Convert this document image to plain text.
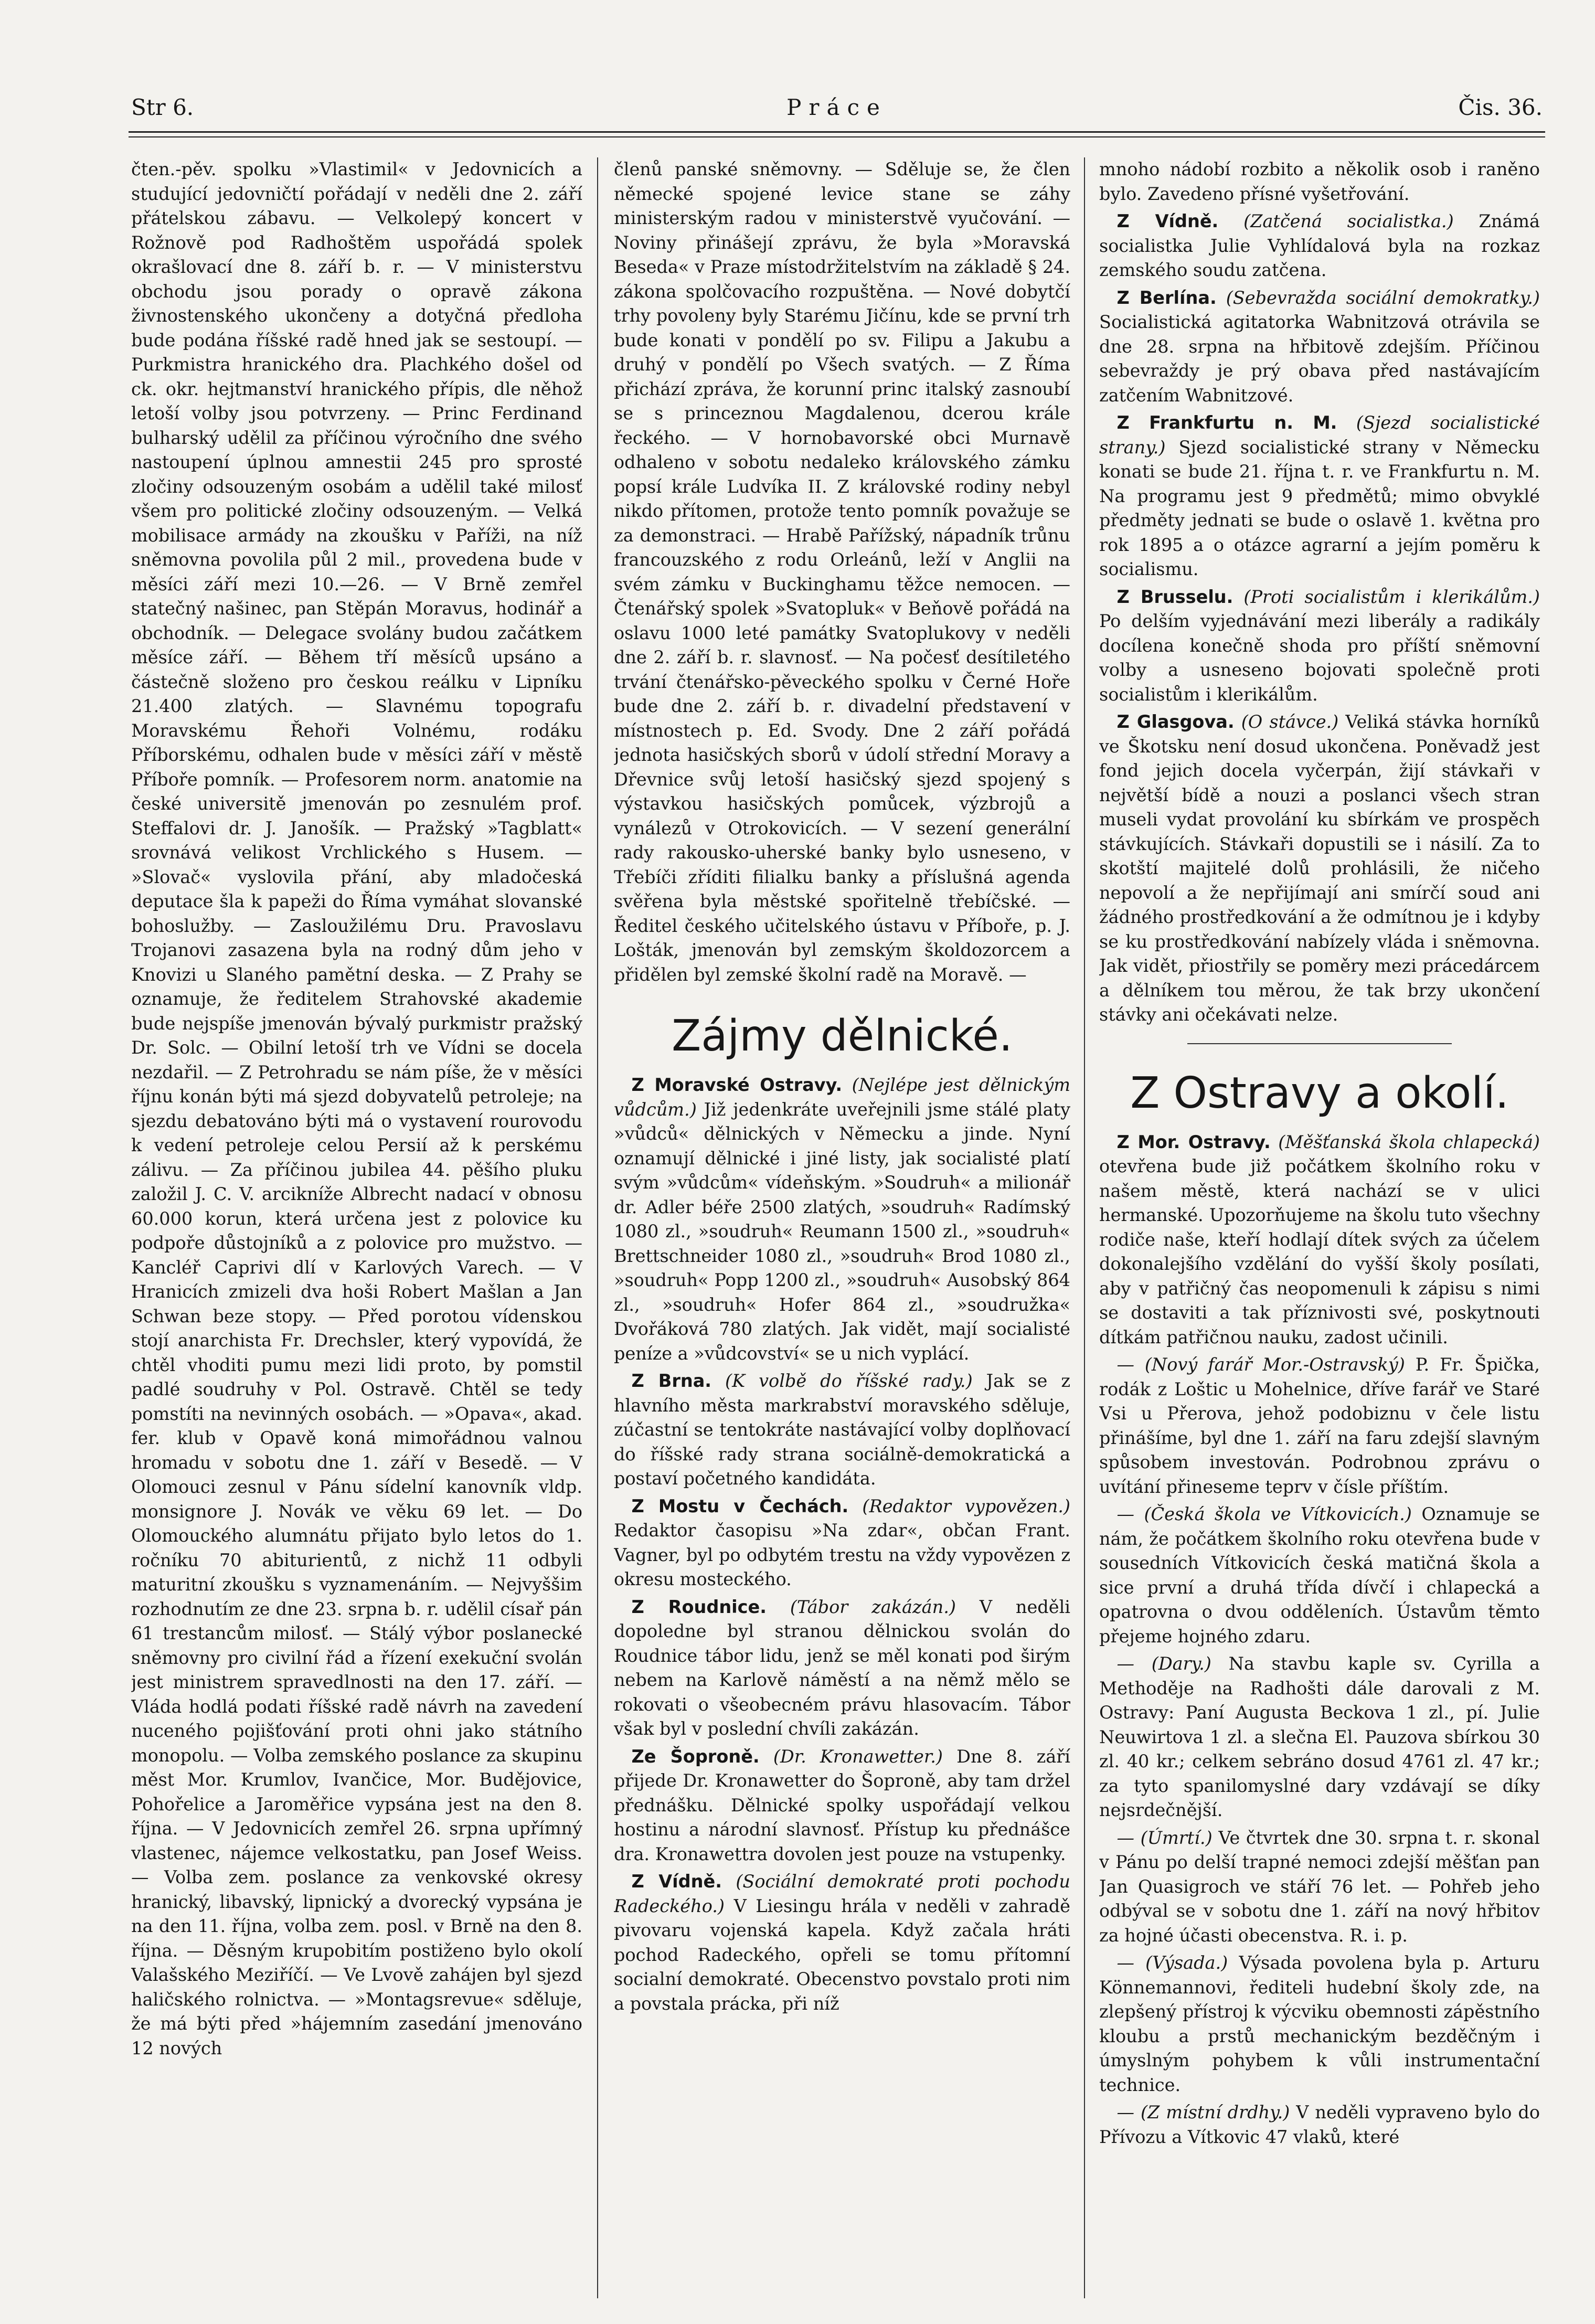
Str 6.	Práce	Čis. 36.

čten.-pěv. spolku »Vlastimil« v Jedovnicích a studující jedovničtí pořádají v neděli dne 2. září přátelskou zábavu. — Velkolepý koncert v Rožnově pod Radhoštěm uspořádá spolek okrašlovací dne 8. září b. r. — V ministerstvu obchodu jsou porady o opravě zákona živnostenského ukončeny a dotyčná předloha bude podána říšské radě hned jak se sestoupí. — Purkmistra hranického dra. Plachkého došel od ck. okr. hejtmanství hranického přípis, dle něhož letoší volby jsou potvrzeny. — Princ Ferdinand bulharský udělil za příčinou výročního dne svého nastoupení úplnou amnestii 245 pro sprosté zločiny odsouzeným osobám a udělil také milosť všem pro politické zločiny odsouzeným. — Velká mobilisace armády na zkoušku v Paříži, na níž sněmovna povolila půl 2 mil., provedena bude v měsíci září mezi 10.—26. — V Brně zemřel statečný našinec, pan Stěpán Moravus, hodinář a obchodník. — Delegace svolány budou začátkem měsíce září. — Během tří měsíců upsáno a částečně složeno pro českou reálku v Lipníku 21.400 zlatých. — Slavnému topografu Moravskému Řehoři Volnému, rodáku Příborskému, odhalen bude v měsíci září v městě Příboře pomník. — Profesorem norm. anatomie na české universitě jmenován po zesnulém prof. Steffalovi dr. J. Janošík. — Pražský »Tagblatt« srovnává velikost Vrchlického s Husem. — »Slovač« vyslovila přání, aby mladočeská deputace šla k papeži do Říma vymáhat slovanské bohoslužby. — Zasloužilému Dru. Pravoslavu Trojanovi zasazena byla na rodný dům jeho v Knovizi u Slaného pamětní deska. — Z Prahy se oznamuje, že ředitelem Strahovské akademie bude nejspíše jmenován bývalý purkmistr pražský Dr. Solc. — Obilní letoší trh ve Vídni se docela nezdařil. — Z Petrohradu se nám píše, že v měsíci říjnu konán býti má sjezd dobyvatelů petroleje; na sjezdu debatováno býti má o vystavení rourovodu k vedení petroleje celou Persií až k perskému zálivu. — Za příčinou jubilea 44. pěšího pluku založil J. C. V. arcikníže Albrecht nadací v obnosu 60.000 korun, která určena jest z polovice ku podpoře důstojníků a z polovice pro mužstvo. — Kancléř Caprivi dlí v Karlových Varech. — V Hranicích zmizeli dva hoši Robert Mašlan a Jan Schwan beze stopy. — Před porotou vídenskou stojí anarchista Fr. Drechsler, který vypovídá, že chtěl vhoditi pumu mezi lidi proto, by pomstil padlé soudruhy v Pol. Ostravě. Chtěl se tedy pomstíti na nevinných osobách. — »Opava«, akad. fer. klub v Opavě koná mimořádnou valnou hromadu v sobotu dne 1. září v Besedě. — V Olomouci zesnul v Pánu sídelní kanovník vldp. monsignore J. Novák ve věku 69 let. — Do Olomouckého alumnátu přijato bylo letos do 1. ročníku 70 abiturientů, z nichž 11 odbyli maturitní zkoušku s vyznamenáním. — Nejvyššim rozhodnutím ze dne 23. srpna b. r. udělil císař pán 61 trestancům milosť. — Stálý výbor poslanecké sněmovny pro civilní řád a řízení exekuční svolán jest ministrem spravedlnosti na den 17. září. — Vláda hodlá podati říšské radě návrh na zavedení nuceného pojišťování proti ohni jako státního monopolu. — Volba zemského poslance za skupinu měst Mor. Krumlov, Ivančice, Mor. Budějovice, Pohořelice a Jaroměřice vypsána jest na den 8. října. — V Jedovnicích zemřel 26. srpna upřímný vlastenec, nájemce velkostatku, pan Josef Weiss. — Volba zem. poslance za venkovské okresy hranický, libavský, lipnický a dvorecký vypsána je na den 11. října, volba zem. posl. v Brně na den 8. října. — Děsným krupobitím postiženo bylo okolí Valašského Meziříčí. — Ve Lvově zahájen byl sjezd haličského rolnictva. — »Montagsrevue« sděluje, že má býti před »hájemním zasedání jmenováno 12 nových

členů panské sněmovny. — Sděluje se, že člen německé spojené levice stane se záhy ministerským radou v ministerstvě vyučování. — Noviny přinášejí zprávu, že byla »Moravská Beseda« v Praze místodržitelstvím na základě § 24. zákona spolčovacího rozpuštěna. — Nové dobytčí trhy povoleny byly Starému Jičínu, kde se první trh bude konati v pondělí po sv. Filipu a Jakubu a druhý v pondělí po Všech svatých. — Z Říma přichází zpráva, že korunní princ italský zasnoubí se s princeznou Magdalenou, dcerou krále řeckého. — V hornobavorské obci Murnavě odhaleno v sobotu nedaleko královského zámku popsí krále Ludvíka II. Z královské rodiny nebyl nikdo přítomen, protože tento pomník považuje se za demonstraci. — Hrabě Pařížský, nápadník trůnu francouzského z rodu Orleánů, leží v Anglii na svém zámku v Buckinghamu těžce nemocen. — Čtenářský spolek »Svatopluk« v Beňově pořádá na oslavu 1000 leté památky Svatoplukovy v neděli dne 2. září b. r. slavnosť. — Na počesť desítiletého trvání čtenářsko-pěveckého spolku v Černé Hoře bude dne 2. září b. r. divadelní představení v místnostech p. Ed. Svody. Dne 2 září pořádá jednota hasičských sborů v údolí střední Moravy a Dřevnice svůj letoší hasičský sjezd spojený s výstavkou hasičských pomůcek, výzbrojů a vynálezů v Otrokovicích. — V sezení generální rady rakousko-uherské banky bylo usneseno, v Třebíči zříditi filialku banky a příslušná agenda svěřena byla městské spořitelně třebíčské. — Ředitel českého učitelského ústavu v Příboře, p. J. Lošták, jmenován byl zemským školdozorcem a přidělen byl zemské školní radě na Moravě. —

Zájmy dělnické.

 Z Moravské Ostravy. (Nejlépe jest dělnickým vůdcům.) Již jedenkráte uveřejnili jsme stálé platy »vůdců« dělnických v Německu a jinde. Nyní oznamují dělnické i jiné listy, jak socialisté platí svým »vůdcům« vídeňským. »Soudruh« a milionář dr. Adler béře 2500 zlatých, »soudruh« Radímský 1080 zl., »soudruh« Reumann 1500 zl., »soudruh« Brettschneider 1080 zl., »soudruh« Brod 1080 zl., »soudruh« Popp 1200 zl., »soudruh« Ausobský 864 zl., »soudruh« Hofer 864 zl., »soudružka« Dvořáková 780 zlatých. Jak vidět, mají socialisté peníze a »vůdcovství« se u nich vyplácí.

 Z Brna. (K volbě do říšské rady.) Jak se z hlavního města markrabství moravského sděluje, zúčastní se tentokráte nastávající volby doplňovací do říšské rady strana sociálně-demokratická a postaví početného kandidáta.

 Z Mostu v Čechách. (Redaktor vypovězen.) Redaktor časopisu »Na zdar«, občan Frant. Vagner, byl po odbytém trestu na vždy vypovězen z okresu mosteckého.

 Z Roudnice. (Tábor zakázán.) V neděli dopoledne byl stranou dělnickou svolán do Roudnice tábor lidu, jenž se měl konati pod širým nebem na Karlově náměstí a na němž mělo se rokovati o všeobecném právu hlasovacím. Tábor však byl v poslední chvíli zakázán.

 Ze Šoproně. (Dr. Kronawetter.) Dne 8. září přijede Dr. Kronawetter do Šoproně, aby tam držel přednášku. Dělnické spolky uspořádají velkou hostinu a národní slavnosť. Přístup ku přednášce dra. Kronawettra dovolen jest pouze na vstupenky.

 Z Vídně. (Sociální demokraté proti pochodu Radeckého.) V Liesingu hrála v neděli v zahradě pivovaru vojenská kapela. Když začala hráti pochod Radeckého, opřeli se tomu přítomní socialní demokraté. Obecenstvo povstalo proti nim a povstala prácka, při níž

mnoho nádobí rozbito a několik osob i raněno bylo. Zavedeno přísné vyšetřování.

 Z Vídně. (Zatčená socialistka.) Známá socialistka Julie Vyhlídalová byla na rozkaz zemského soudu zatčena.

 Z Berlína. (Sebevražda sociální demokratky.) Socialistická agitatorka Wabnitzová otrávila se dne 28. srpna na hřbitově zdejším. Příčinou sebevraždy je prý obava před nastávajícím zatčením Wabnitzové.

 Z Frankfurtu n. M. (Sjezd socialistické strany.) Sjezd socialistické strany v Německu konati se bude 21. října t. r. ve Frankfurtu n. M. Na programu jest 9 předmětů; mimo obvyklé předměty jednati se bude o oslavě 1. května pro rok 1895 a o otázce agrarní a jejím poměru k socialismu.

 Z Brusselu. (Proti socialistům i klerikálům.) Po delším vyjednávání mezi liberály a radikály docílena konečně shoda pro příští sněmovní volby a usneseno bojovati společně proti socialistům i klerikálům.

 Z Glasgova. (O stávce.) Veliká stávka horníků ve Škotsku není dosud ukončena. Poněvadž jest fond jejich docela vyčerpán, žijí stávkaři v největší bídě a nouzi a poslanci všech stran museli vydat provolání ku sbírkám ve prospěch stávkujících. Stávkaři dopustili se i násilí. Za to skotští majitelé dolů prohlásili, že ničeho nepovolí a že nepřijímají ani smírčí soud ani žádného prostředkování a že odmítnou je i kdyby se ku prostředkování nabízely vláda i sněmovna. Jak vidět, přiostřily se poměry mezi prácedárcem a dělníkem tou měrou, že tak brzy ukončení stávky ani očekávati nelze.

Z Ostravy a okolí.

 Z Mor. Ostravy. (Měšťanská škola chlapecká) otevřena bude již počátkem školního roku v našem městě, která nachází se v ulici hermanské. Upozorňujeme na školu tuto všechny rodiče naše, kteří hodlají dítek svých za účelem dokonalejšího vzdělání do vyšší školy posílati, aby v patřičný čas neopomenuli k zápisu s nimi se dostaviti a tak příznivosti své, poskytnouti dítkám patřičnou nauku, zadost učinili.

 — (Nový farář Mor.-Ostravský) P. Fr. Špička, rodák z Loštic u Mohelnice, dříve farář ve Staré Vsi u Přerova, jehož podobiznu v čele listu přinášíme, byl dne 1. září na faru zdejší slavným spůsobem investován. Podrobnou zprávu o uvítání přineseme teprv v čísle příštím.

 — (Česká škola ve Vítkovicích.) Oznamuje se nám, že počátkem školního roku otevřena bude v sousedních Vítkovicích česká matičná škola a sice první a druhá třída dívčí i chlapecká a opatrovna o dvou odděleních. Ústavům těmto přejeme hojného zdaru.

 — (Dary.) Na stavbu kaple sv. Cyrilla a Methoděje na Radhošti dále darovali z M. Ostravy: Paní Augusta Beckova 1 zl., pí. Julie Neuwirtova 1 zl. a slečna El. Pauzova sbírkou 30 zl. 40 kr.; celkem sebráno dosud 4761 zl. 47 kr.; za tyto spanilomyslné dary vzdávají se díky nejsrdečnější.

 — (Úmrtí.) Ve čtvrtek dne 30. srpna t. r. skonal v Pánu po delší trapné nemoci zdejší měšťan pan Jan Quasigroch ve stáří 76 let. — Pohřeb jeho odbýval se v sobotu dne 1. září na nový hřbitov za hojné účasti obecenstva. R. i. p.

 — (Výsada.) Výsada povolena byla p. Arturu Könnemannovi, řediteli hudební školy zde, na zlepšený přístroj k výcviku obemnosti zápěstního kloubu a prstů mechanickým bezděčným i úmyslným pohybem k vůli instrumentační technice.

 — (Z místní drdhy.) V neděli vypraveno bylo do Přívozu a Vítkovic 47 vlaků, které
